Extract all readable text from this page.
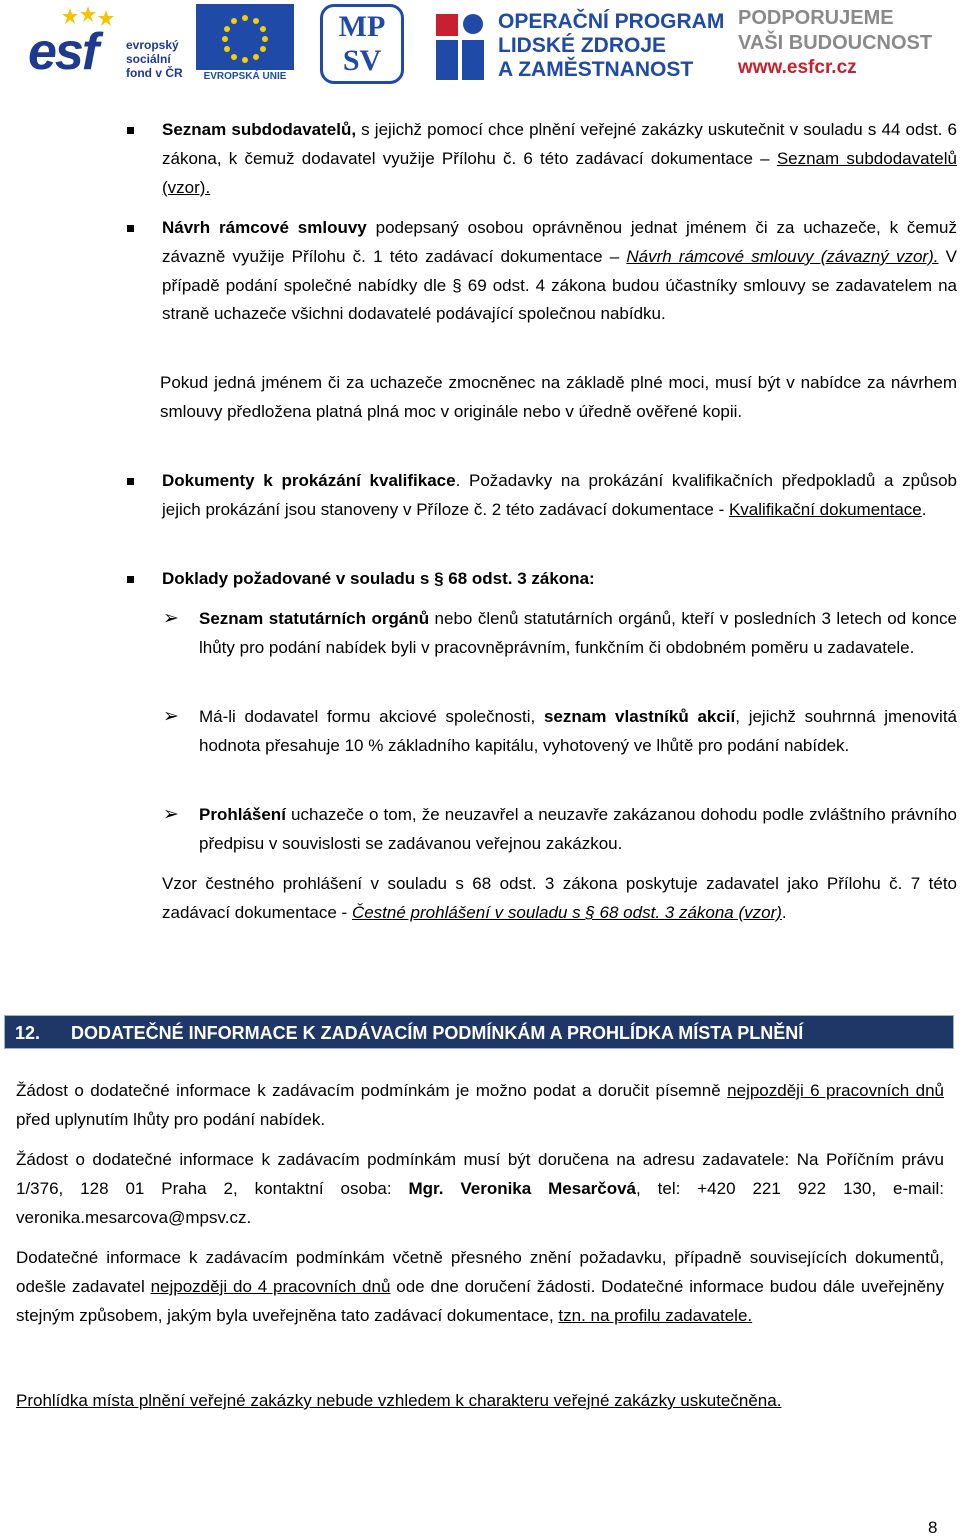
esf evropský
sociální
fond v ČR	EVROPSKÁ UNIE
MP
SV
OPERAČNÍ PROGRAM
LIDSKÉ ZDROJE
A ZAMĚSTNANOST
PODPORUJEME
VAŠI BUDOUCNOST
www.esfcr.cz
Seznam subdodavatelů, s jejichž pomocí chce plnění veřejné zakázky uskutečnit v souladu s 44 odst. 6 zákona, k čemuž dodavatel využije Přílohu č. 6 této zadávací dokumentace – Seznam subdodavatelů (vzor).
Návrh rámcové smlouvy podepsaný osobou oprávněnou jednat jménem či za uchazeče, k čemuž závazně využije Přílohu č. 1 této zadávací dokumentace – Návrh rámcové smlouvy (závazný vzor). V případě podání společné nabídky dle § 69 odst. 4 zákona budou účastníky smlouvy se zadavatelem na straně uchazeče všichni dodavatelé podávající společnou nabídku.
Pokud jedná jménem či za uchazeče zmocněnec na základě plné moci, musí být v nabídce za návrhem smlouvy předložena platná plná moc v originále nebo v úředně ověřené kopii.
Dokumenty k prokázání kvalifikace. Požadavky na prokázání kvalifikačních předpokladů a způsob jejich prokázání jsou stanoveny v Příloze č. 2 této zadávací dokumentace - Kvalifikační dokumentace.
Doklady požadované v souladu s § 68 odst. 3 zákona:
➢ Seznam statutárních orgánů nebo členů statutárních orgánů, kteří v posledních 3 letech od konce lhůty pro podání nabídek byli v pracovněprávním, funkčním či obdobném poměru u zadavatele.
➢ Má-li dodavatel formu akciové společnosti, seznam vlastníků akcií, jejichž souhrnná jmenovitá hodnota přesahuje 10 % základního kapitálu, vyhotovený ve lhůtě pro podání nabídek.
➢ Prohlášení uchazeče o tom, že neuzavřel a neuzavře zakázanou dohodu podle zvláštního právního předpisu v souvislosti se zadávanou veřejnou zakázkou.
Vzor čestného prohlášení v souladu s 68 odst. 3 zákona poskytuje zadavatel jako Přílohu č. 7 této zadávací dokumentace - Čestné prohlášení v souladu s § 68 odst. 3 zákona (vzor).
12. DODATEČNÉ INFORMACE K ZADÁVACÍM PODMÍNKÁM A PROHLÍDKA MÍSTA PLNĚNÍ
Žádost o dodatečné informace k zadávacím podmínkám je možno podat a doručit písemně nejpozději 6 pracovních dnů před uplynutím lhůty pro podání nabídek.
Žádost o dodatečné informace k zadávacím podmínkám musí být doručena na adresu zadavatele: Na Poříčním právu 1/376, 128 01 Praha 2, kontaktní osoba: Mgr. Veronika Mesarčová, tel: +420 221 922 130, e-mail: veronika.mesarcova@mpsv.cz.
Dodatečné informace k zadávacím podmínkám včetně přesného znění požadavku, případně souvisejících dokumentů, odešle zadavatel nejpozději do 4 pracovních dnů ode dne doručení žádosti. Dodatečné informace budou dále uveřejněny stejným způsobem, jakým byla uveřejněna tato zadávací dokumentace, tzn. na profilu zadavatele.
Prohlídka místa plnění veřejné zakázky nebude vzhledem k charakteru veřejné zakázky uskutečněna.
8
